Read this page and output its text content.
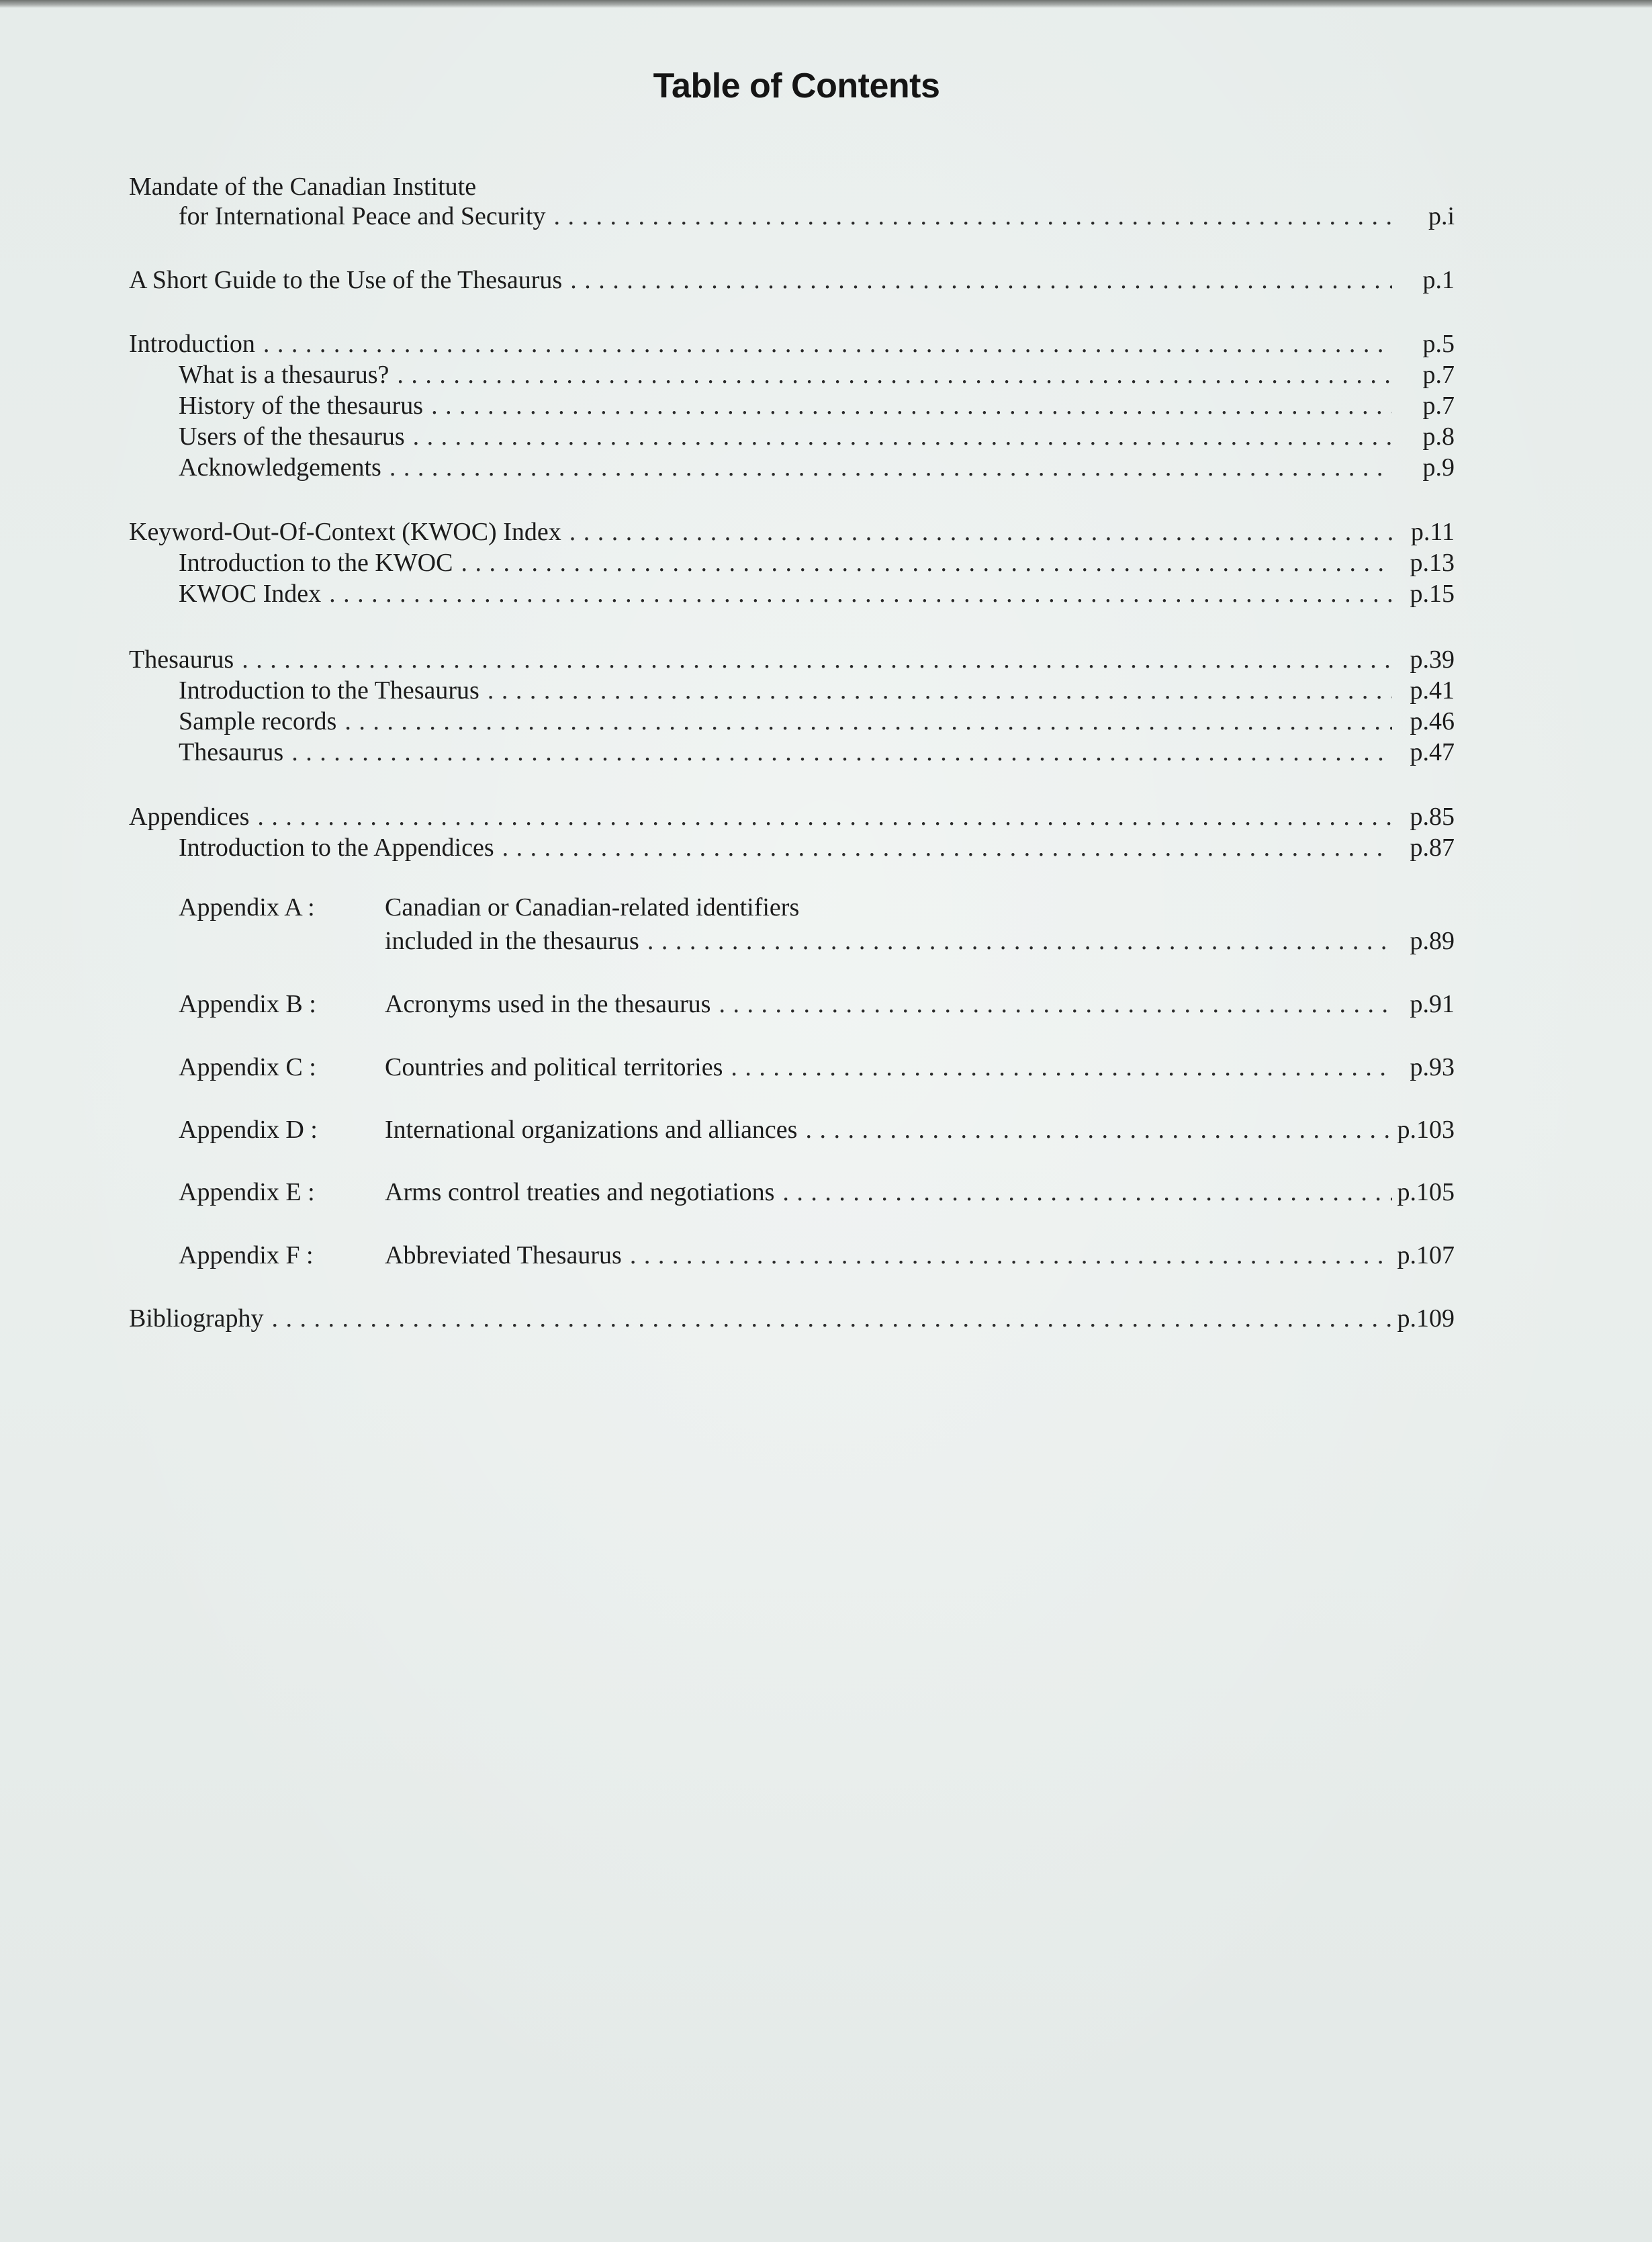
Table of Contents
Mandate of the Canadian Institute
for International Peace and Security . . .	p.i
A Short Guide to the Use of the Thesaurus . . .	p.1
Introduction . . .	p.5
What is a thesaurus? . . .	p.7
History of the thesaurus . . .	p.7
Users of the thesaurus . . .	p.8
Acknowledgements . . .	p.9
Keyword-Out-Of-Context (KWOC) Index . . .	p.11
Introduction to the KWOC . . .	p.13
KWOC Index . . .	p.15
Thesaurus . . .	p.39
Introduction to the Thesaurus . . .	p.41
Sample records . . .	p.46
Thesaurus . . .	p.47
Appendices . . .	p.85
Introduction to the Appendices . . .	p.87
Appendix A :	Canadian or Canadian-related identifiers
included in the thesaurus . . .	p.89
Appendix B :	Acronyms used in the thesaurus . . .	p.91
Appendix C :	Countries and political territories . . .	p.93
Appendix D :	International organizations and alliances . . .	p.103
Appendix E :	Arms control treaties and negotiations . . .	p.105
Appendix F :	Abbreviated Thesaurus . . .	p.107
Bibliography . . .	p.109
